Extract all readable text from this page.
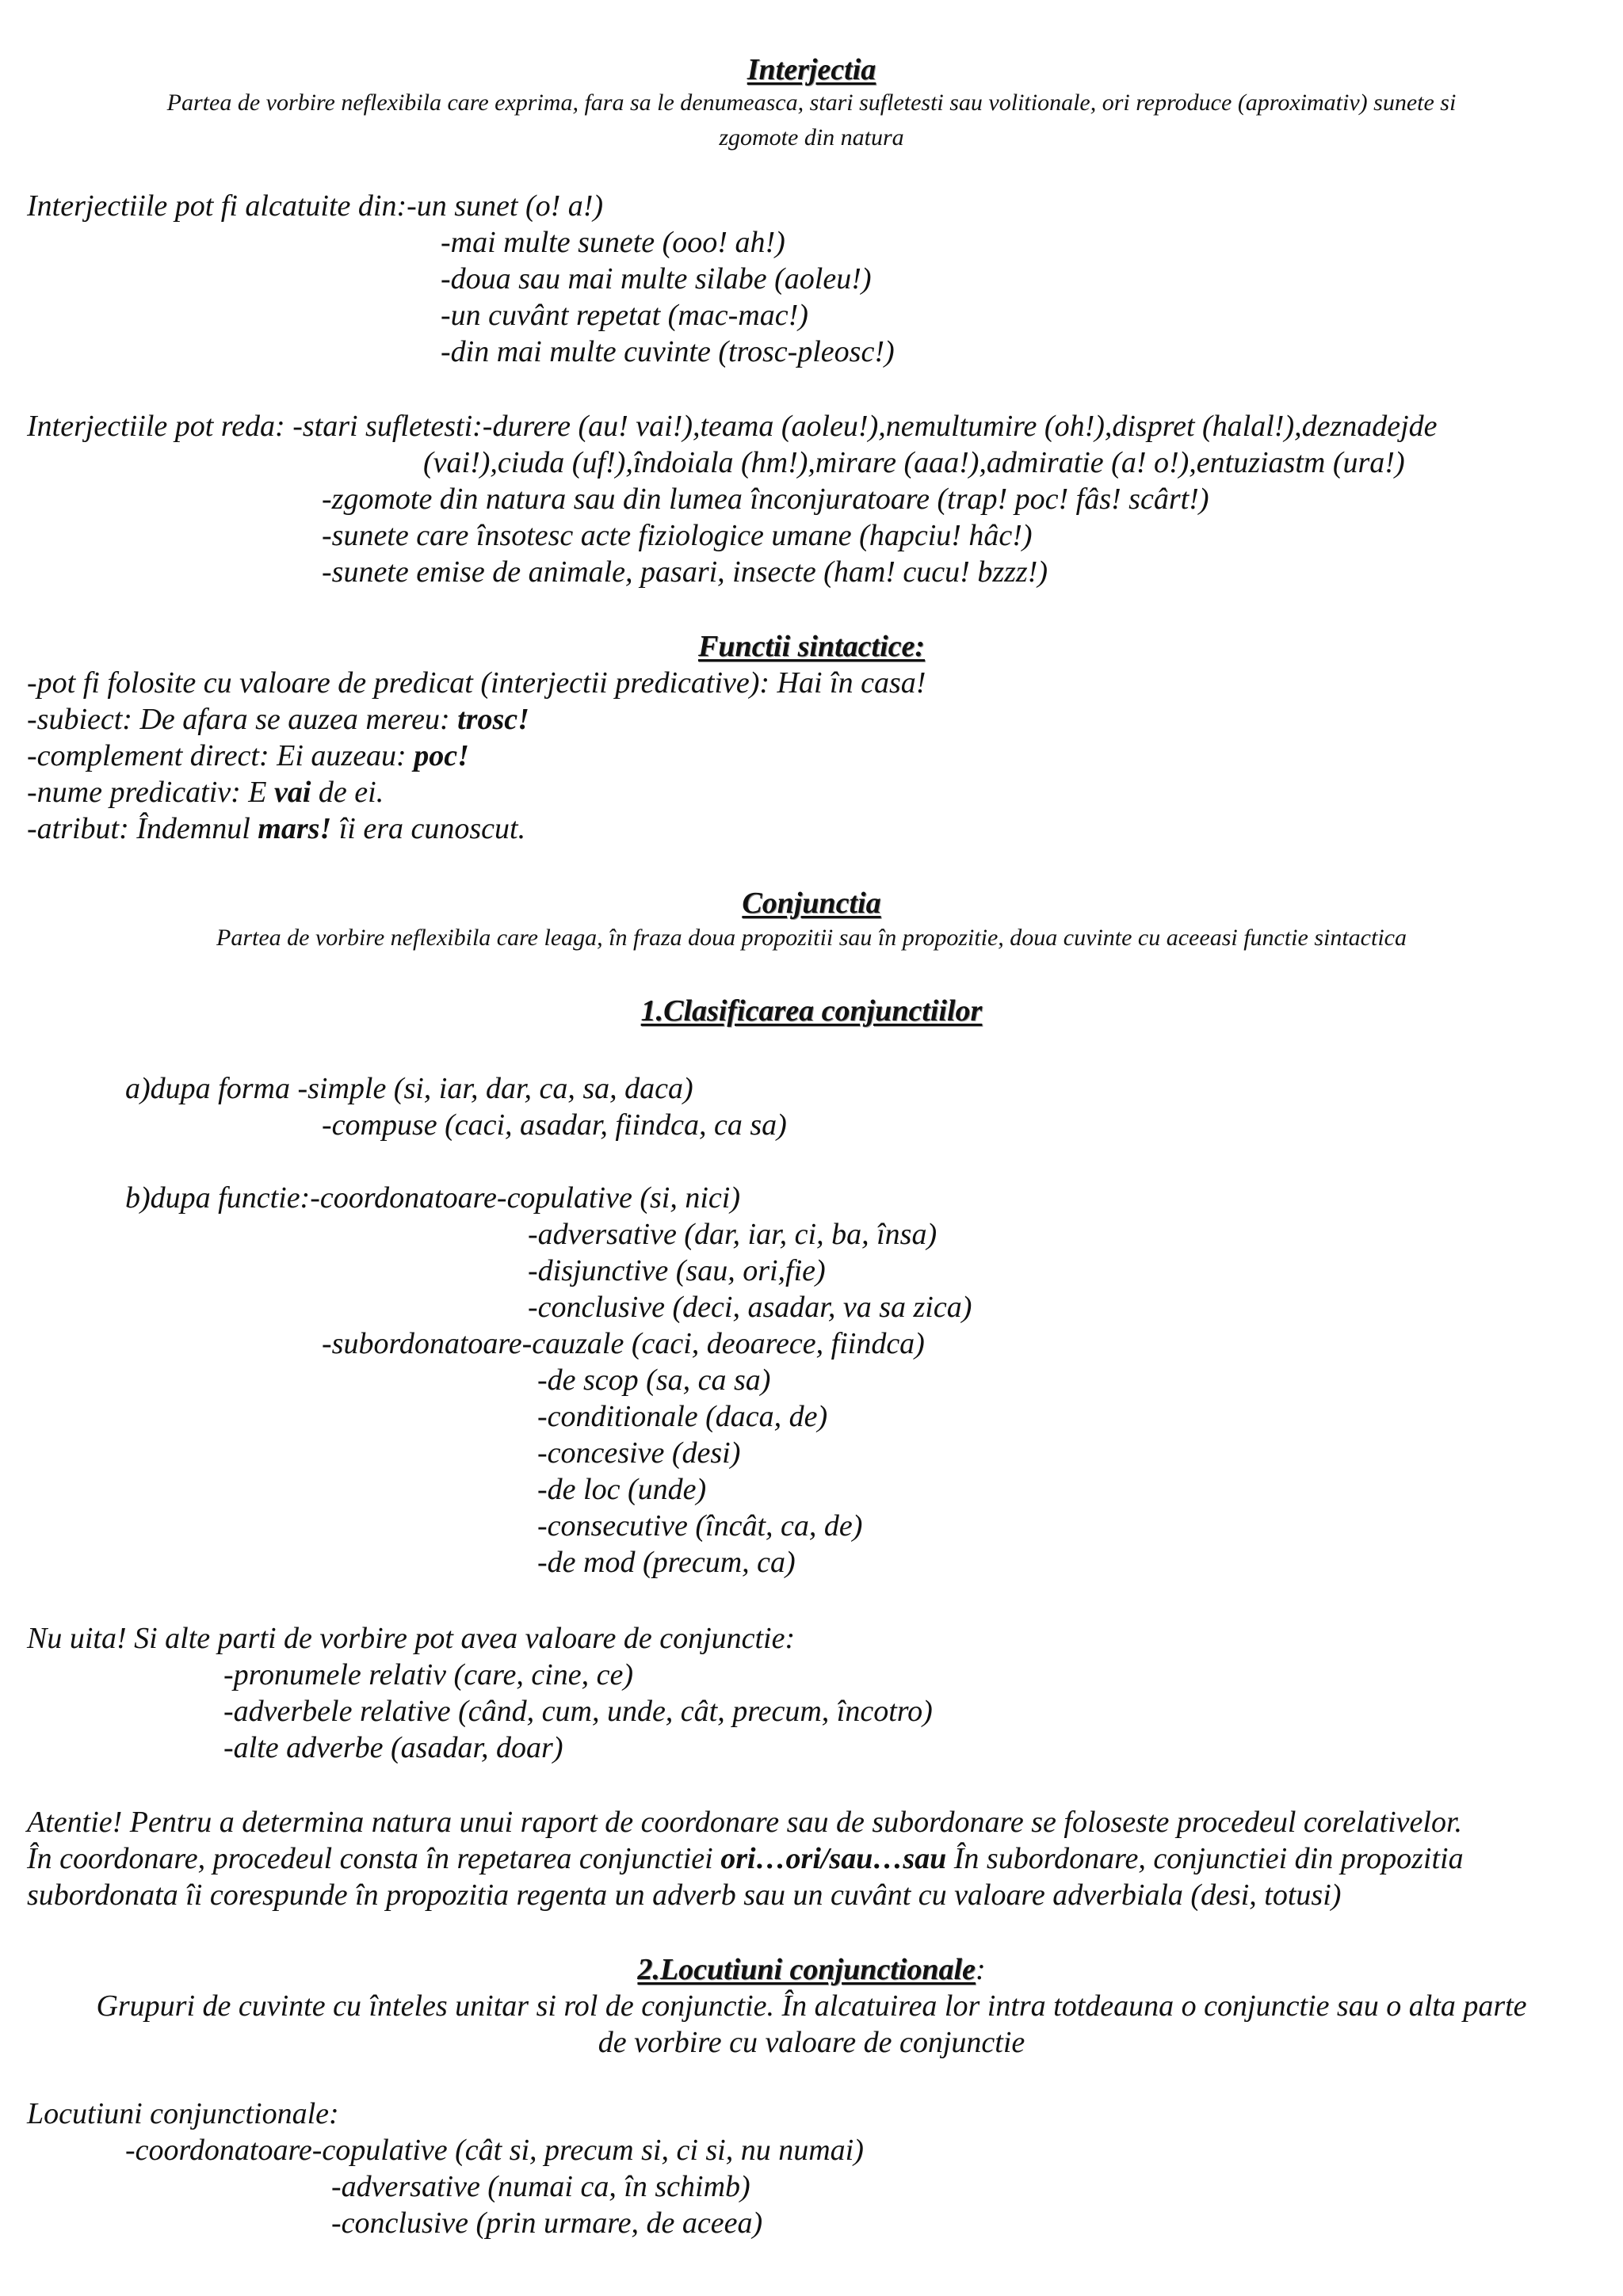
Interjectia
Partea de vorbire neflexibila care exprima, fara sa le denumeasca, stari sufletesti sau volitionale, ori reproduce (aproximativ) sunete si
zgomote din natura
Interjectiile pot fi alcatuite din:-un sunet (o! a!)
-mai multe sunete (ooo! ah!)
-doua sau mai multe silabe (aoleu!)
-un cuvânt repetat (mac-mac!)
-din mai multe cuvinte (trosc-pleosc!)
Interjectiile pot reda: -stari sufletesti:-durere (au! vai!),teama (aoleu!),nemultumire (oh!),dispret (halal!),deznadejde
(vai!),ciuda (uf!),îndoiala (hm!),mirare (aaa!),admiratie (a! o!),entuziastm (ura!)
-zgomote din natura sau din lumea înconjuratoare (trap! poc! fâs! scârt!)
-sunete care însotesc acte fiziologice umane (hapciu! hâc!)
-sunete emise de animale, pasari, insecte (ham! cucu! bzzz!)
Functii sintactice:
-pot fi folosite cu valoare de predicat (interjectii predicative): Hai în casa!
-subiect: De afara se auzea mereu: trosc!
-complement direct: Ei auzeau: poc!
-nume predicativ: E vai de ei.
-atribut: Îndemnul mars! îi era cunoscut.
Conjunctia
Partea de vorbire neflexibila care leaga, în fraza doua propozitii sau în propozitie, doua cuvinte cu aceeasi functie sintactica
1.Clasificarea conjunctiilor
a)dupa forma -simple (si, iar, dar, ca, sa, daca)
-compuse (caci, asadar, fiindca, ca sa)
b)dupa functie:-coordonatoare-copulative (si, nici)
-adversative (dar, iar, ci, ba, însa)
-disjunctive (sau, ori,fie)
-conclusive (deci, asadar, va sa zica)
-subordonatoare-cauzale (caci, deoarece, fiindca)
-de scop (sa, ca sa)
-conditionale (daca, de)
-concesive (desi)
-de loc (unde)
-consecutive (încât, ca, de)
-de mod (precum, ca)
Nu uita! Si alte parti de vorbire pot avea valoare de conjunctie:
-pronumele relativ (care, cine, ce)
-adverbele relative (când, cum, unde, cât, precum, încotro)
-alte adverbe (asadar, doar)
Atentie! Pentru a determina natura unui raport de coordonare sau de subordonare se foloseste procedeul corelativelor.
În coordonare, procedeul consta în repetarea conjunctiei ori…ori/sau…sau În subordonare, conjunctiei din propozitia
subordonata îi corespunde în propozitia regenta un adverb sau un cuvânt cu valoare adverbiala (desi, totusi)
2.Locutiuni conjunctionale:
Grupuri de cuvinte cu înteles unitar si rol de conjunctie. În alcatuirea lor intra totdeauna o conjunctie sau o alta parte
de vorbire cu valoare de conjunctie
Locutiuni conjunctionale:
-coordonatoare-copulative (cât si, precum si, ci si, nu numai)
-adversative (numai ca, în schimb)
-conclusive (prin urmare, de aceea)
